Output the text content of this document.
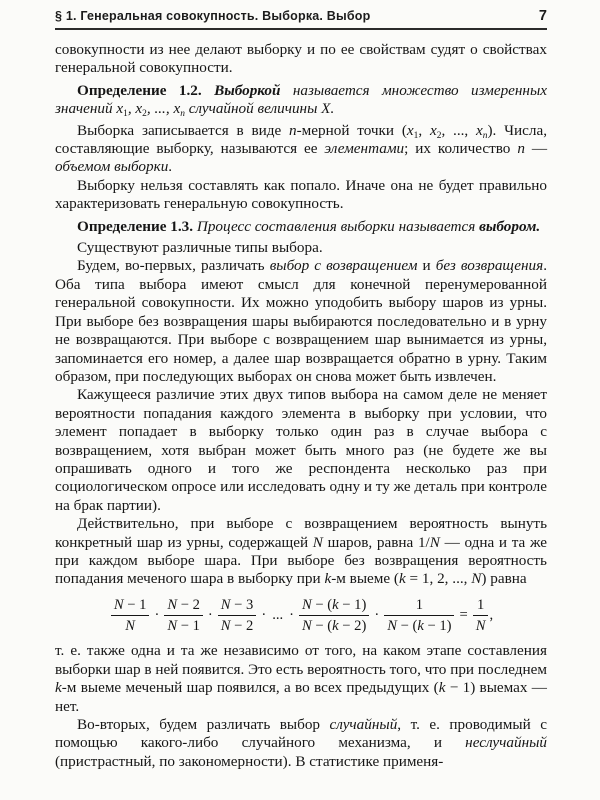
§ 1. Генеральная совокупность. Выборка. Выбор	7

совокупности из нее делают выборку и по ее свойствам судят о свойствах генеральной совокупности.

Определение 1.2. Выборкой называется множество измеренных значений $x_1$, $x_2$, ..., $x_n$ случайной величины X.

Выборка записывается в виде n-мерной точки ($x_1$, $x_2$, ..., $x_n$). Числа, составляющие выборку, называются ее элементами; их количество n — объемом выборки.

Выборку нельзя составлять как попало. Иначе она не будет правильно характеризовать генеральную совокупность.

Определение 1.3. Процесс составления выборки называется выбором.

Существуют различные типы выбора.

Будем, во-первых, различать выбор с возвращением и без возвращения. Оба типа выбора имеют смысл для конечной перенумерованной генеральной совокупности. Их можно уподобить выбору шаров из урны. При выборе без возвращения шары выбираются последовательно и в урну не возвращаются. При выборе с возвращением шар вынимается из урны, запоминается его номер, а далее шар возвращается обратно в урну. Таким образом, при последующих выборах он снова может быть извлечен.

Кажущееся различие этих двух типов выбора на самом деле не меняет вероятности попадания каждого элемента в выборку при условии, что элемент попадает в выборку только один раз в случае выбора с возвращением, хотя выбран может быть много раз (не будете же вы опрашивать одного и того же респондента несколько раз при социологическом опросе или исследовать одну и ту же деталь при контроле на брак партии).

Действительно, при выборе с возвращением вероятность вынуть конкретный шар из урны, содержащей N шаров, равна 1/N — одна и та же при каждом выборе шара. При выборе без возвращения вероятность попадания меченого шара в выборку при k-м выеме (k = 1, 2, ..., N) равна

$\frac{N - 1}{N} \cdot \frac{N - 2}{N - 1} \cdot \frac{N - 3}{N - 2}$ · ... · $\frac{N - (k - 1)}{N - (k - 2)} \cdot \frac{1}{N - (k - 1)} = \frac{1}{N}$ ,

т. е. также одна и та же независимо от того, на каком этапе составления выборки шар в ней появится. Это есть вероятность того, что при последнем k-м выеме меченый шар появился, а во всех предыдущих (k − 1) выемах — нет.

Во-вторых, будем различать выбор случайный, т. е. проводимый с помощью какого-либо случайного механизма, и неслучайный (пристрастный, по закономерности). В статистике применя-
